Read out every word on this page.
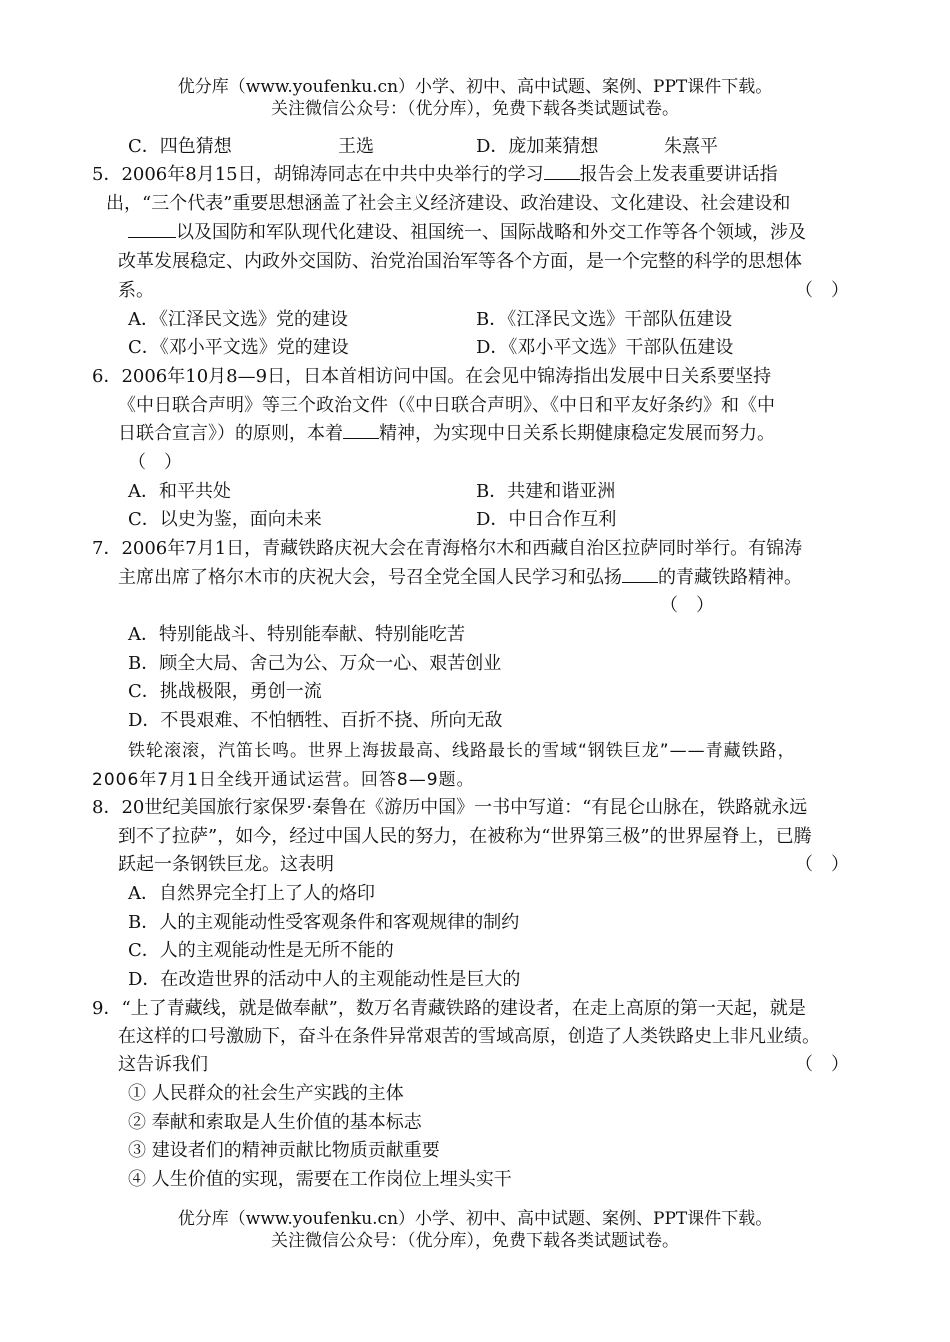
优分库（www.youfenku.cn）小学、初中、高中试题、案例、PPT课件下载。
关注微信公众号：（优分库），免费下载各类试题试卷。
C．四色猜想	王选	D．庞加莱猜想	朱熹平
5．2006年8月15日，胡锦涛同志在中共中央举行的学习 报告会上发表重要讲话指
出，“三个代表”重要思想涵盖了社会主义经济建设、政治建设、文化建设、社会建设和
以及国防和军队现代化建设、祖国统一、国际战略和外交工作等各个领域，涉及
改革发展稳定、内政外交国防、治党治国治军等各个方面，是一个完整的科学的思想体
系。	（　）
A．《江泽民文选》党的建设	B．《江泽民文选》干部队伍建设
C．《邓小平文选》党的建设	D．《邓小平文选》干部队伍建设
6．2006年10月8—9日，日本首相访问中国。在会见中锦涛指出发展中日关系要坚持
《中日联合声明》等三个政治文件（《中日联合声明》、《中日和平友好条约》和《中
日联合宣言》）的原则，本着 精神，为实现中日关系长期健康稳定发展而努力。
（　）
A．和平共处	B．共建和谐亚洲
C．以史为鉴，面向未来	D．中日合作互利
7．2006年7月1日，青藏铁路庆祝大会在青海格尔木和西藏自治区拉萨同时举行。有锦涛
主席出席了格尔木市的庆祝大会，号召全党全国人民学习和弘扬 的青藏铁路精神。
（　）
A．特别能战斗、特别能奉献、特别能吃苦
B．顾全大局、舍己为公、万众一心、艰苦创业
C．挑战极限，勇创一流
D．不畏艰难、不怕牺牲、百折不挠、所向无敌
铁轮滚滚，汽笛长鸣。世界上海拔最高、线路最长的雪域“钢铁巨龙”——青藏铁路，
2006年7月1日全线开通试运营。回答8—9题。
8．20世纪美国旅行家保罗·秦鲁在《游历中国》一书中写道：“有昆仑山脉在，铁路就永远
到不了拉萨”，如今，经过中国人民的努力，在被称为“世界第三极”的世界屋脊上，已腾
跃起一条钢铁巨龙。这表明	（　）
A．自然界完全打上了人的烙印
B．人的主观能动性受客观条件和客观规律的制约
C．人的主观能动性是无所不能的
D．在改造世界的活动中人的主观能动性是巨大的
9．“上了青藏线，就是做奉献”，数万名青藏铁路的建设者，在走上高原的第一天起，就是
在这样的口号激励下，奋斗在条件异常艰苦的雪域高原，创造了人类铁路史上非凡业绩。
这告诉我们	（　）
① 人民群众的社会生产实践的主体
② 奉献和索取是人生价值的基本标志
③ 建设者们的精神贡献比物质贡献重要
④ 人生价值的实现，需要在工作岗位上埋头实干
优分库（www.youfenku.cn）小学、初中、高中试题、案例、PPT课件下载。
关注微信公众号：（优分库），免费下载各类试题试卷。
